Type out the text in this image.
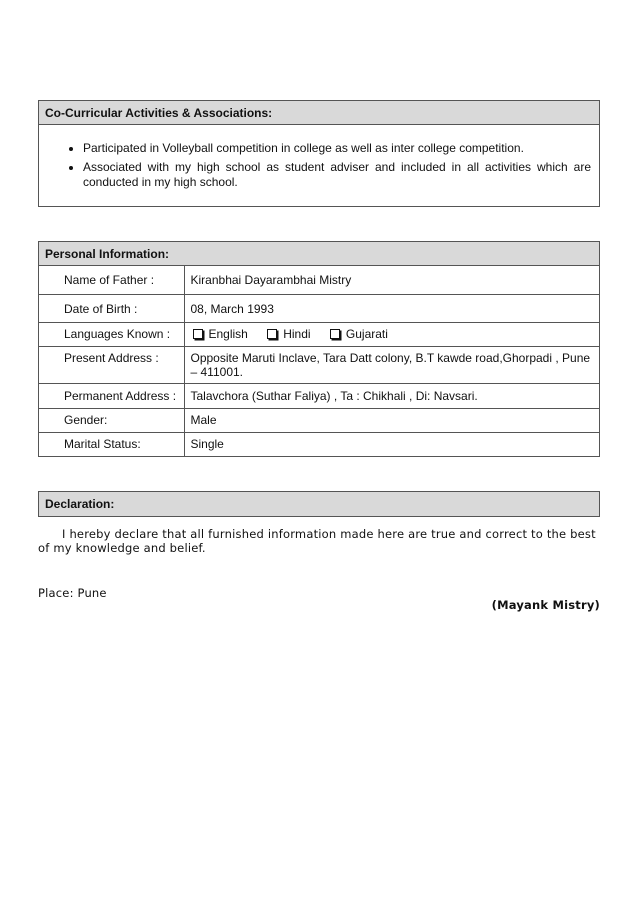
Co-Curricular Activities & Associations:
• Participated in Volleyball competition in college as well as inter college competition.
• Associated with my high school as student adviser and included in all activities which are conducted in my high school.
Personal Information:
Name of Father :	Kiranbhai Dayarambhai Mistry
Date of Birth :	08, March 1993
Languages Known :	English
Hindi
Gujarati

Present Address :	Opposite Maruti Inclave, Tara Datt colony, B.T kawde road,Ghorpadi , Pune – 411001.
Permanent Address :	Talavchora (Suthar Faliya) , Ta : Chikhali , Di: Navsari.
Gender:	Male
Marital Status:	Single
Declaration:
I hereby declare that all furnished information made here are true and correct to the best of my knowledge and belief.
Place: Pune
(Mayank Mistry)
